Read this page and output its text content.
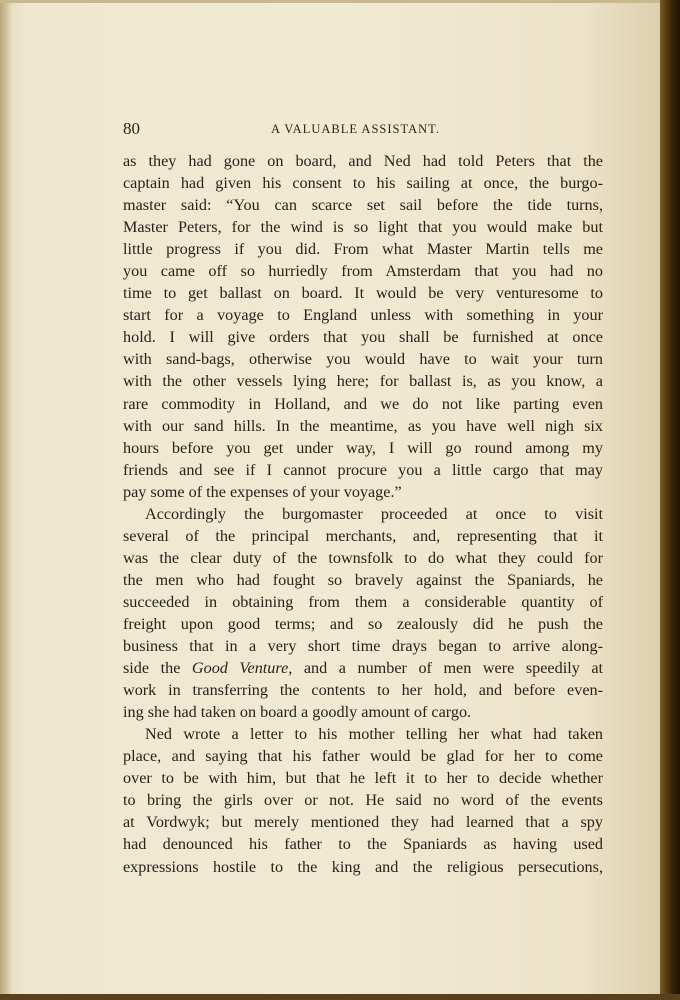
80	A VALUABLE ASSISTANT.
as they had gone on board, and Ned had told Peters that the
captain had given his consent to his sailing at once, the burgo-
master said: “You can scarce set sail before the tide turns,
Master Peters, for the wind is so light that you would make but
little progress if you did. From what Master Martin tells me
you came off so hurriedly from Amsterdam that you had no
time to get ballast on board. It would be very venturesome to
start for a voyage to England unless with something in your
hold. I will give orders that you shall be furnished at once
with sand-bags, otherwise you would have to wait your turn
with the other vessels lying here; for ballast is, as you know, a
rare commodity in Holland, and we do not like parting even
with our sand hills. In the meantime, as you have well nigh six
hours before you get under way, I will go round among my
friends and see if I cannot procure you a little cargo that may
pay some of the expenses of your voyage.”
Accordingly the burgomaster proceeded at once to visit
several of the principal merchants, and, representing that it
was the clear duty of the townsfolk to do what they could for
the men who had fought so bravely against the Spaniards, he
succeeded in obtaining from them a considerable quantity of
freight upon good terms; and so zealously did he push the
business that in a very short time drays began to arrive along-
side the Good Venture, and a number of men were speedily at
work in transferring the contents to her hold, and before even-
ing she had taken on board a goodly amount of cargo.
Ned wrote a letter to his mother telling her what had taken
place, and saying that his father would be glad for her to come
over to be with him, but that he left it to her to decide whether
to bring the girls over or not. He said no word of the events
at Vordwyk; but merely mentioned they had learned that a spy
had denounced his father to the Spaniards as having used
expressions hostile to the king and the religious persecutions,
